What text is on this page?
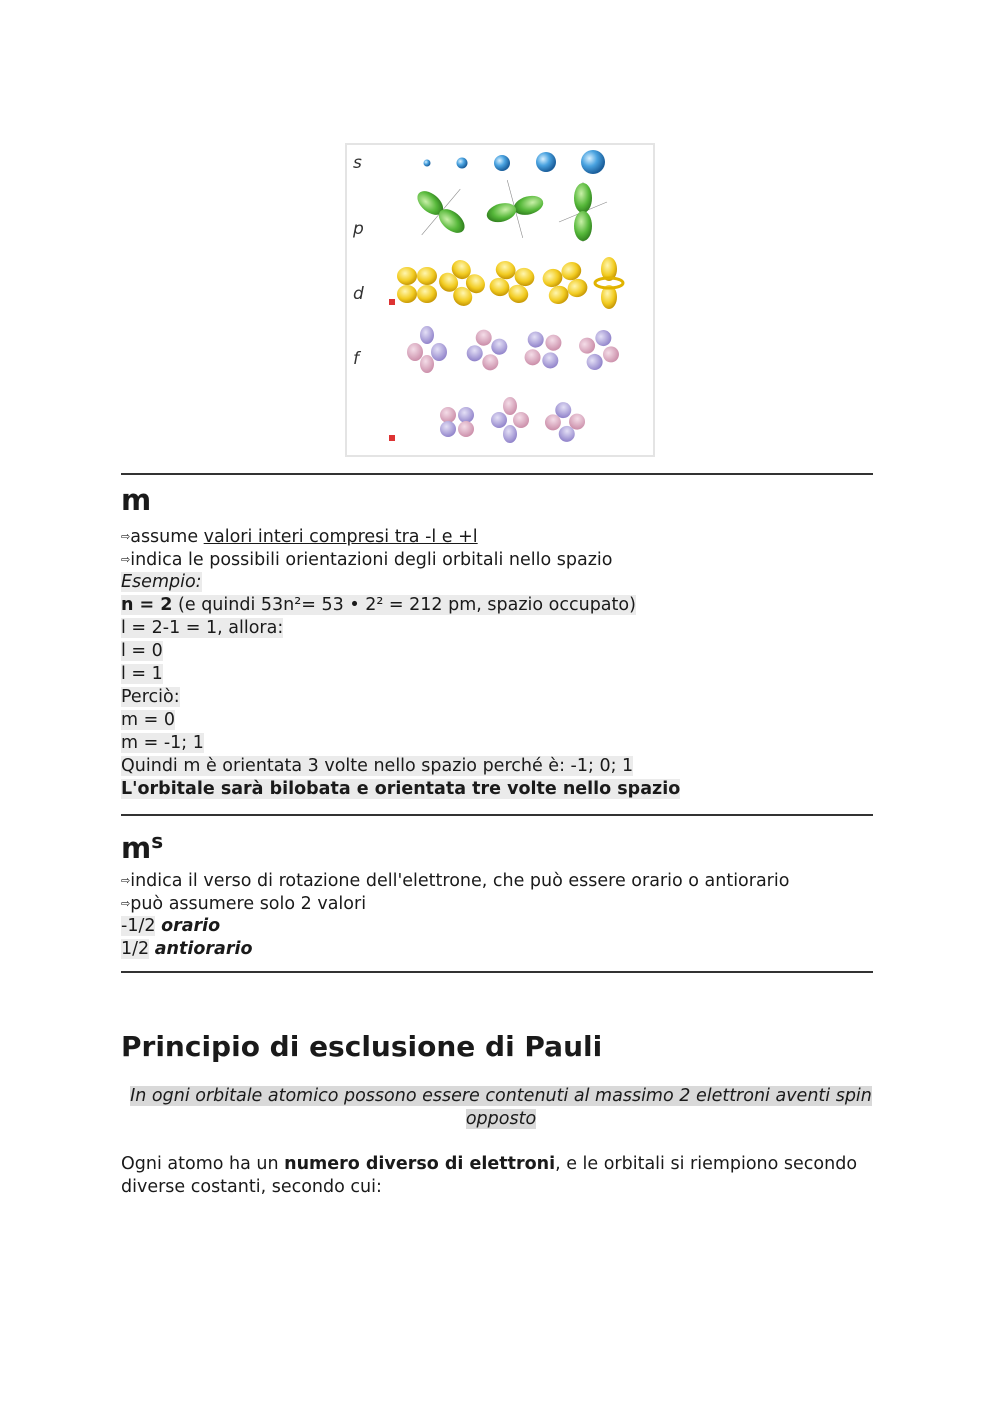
s
p
d
f
m
⇨assume valori interi compresi tra -l e +l
⇨indica le possibili orientazioni degli orbitali nello spazio
Esempio:
n = 2 (e quindi 53n²= 53 • 2² = 212 pm, spazio occupato)
l = 2-1 = 1, allora:
l = 0
l = 1
Perciò:
m = 0
m = -1; 1
Quindi m è orientata 3 volte nello spazio perché è: -1; 0; 1
L'orbitale sarà bilobata e orientata tre volte nello spazio
$m^s$
⇨indica il verso di rotazione dell'elettrone, che può essere orario o antiorario
⇨può assumere solo 2 valori
-1/2 orario
1/2 antiorario
Principio di esclusione di Pauli
In ogni orbitale atomico possono essere contenuti al massimo 2 elettroni aventi spin
opposto
Ogni atomo ha un numero diverso di elettroni, e le orbitali si riempiono secondo diverse costanti, secondo cui:
